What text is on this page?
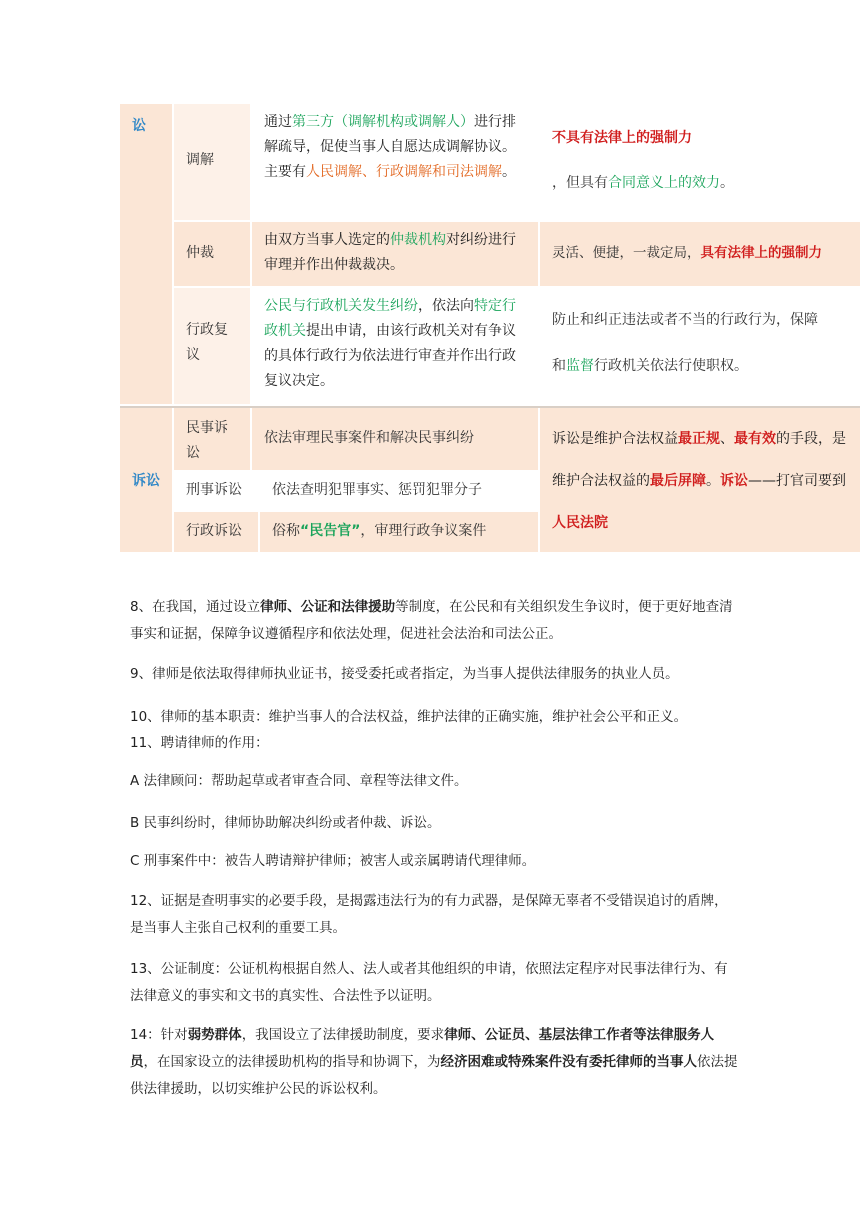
讼
诉讼
调解
通过第三方（调解机构或调解人）进行排解疏导，促使当事人自愿达成调解协议。主要有人民调解、行政调解和司法调解。
不具有法律上的强制力
，但具有合同意义上的效力。
仲裁
由双方当事人选定的仲裁机构对纠纷进行审理并作出仲裁裁决。
灵活、便捷，一裁定局，具有法律上的强制力
行政复议
公民与行政机关发生纠纷，依法向特定行政机关提出申请，由该行政机关对有争议的具体行政行为依法进行审查并作出行政复议决定。
防止和纠正违法或者不当的行政行为，保障
和监督行政机关依法行使职权。
民事诉讼
依法审理民事案件和解决民事纠纷
刑事诉讼	依法查明犯罪事实、惩罚犯罪分子
行政诉讼	俗称“民告官”，审理行政争议案件
诉讼是维护合法权益最正规、最有效的手段，是维护合法权益的最后屏障。诉讼——打官司要到人民法院
8、在我国，通过设立律师、公证和法律援助等制度，在公民和有关组织发生争议时，便于更好地查清事实和证据，保障争议遵循程序和依法处理，促进社会法治和司法公正。
9、律师是依法取得律师执业证书，接受委托或者指定，为当事人提供法律服务的执业人员。
10、律师的基本职责：维护当事人的合法权益，维护法律的正确实施，维护社会公平和正义。
11、聘请律师的作用：
A 法律顾问：帮助起草或者审查合同、章程等法律文件。
B 民事纠纷时，律师协助解决纠纷或者仲裁、诉讼。
C 刑事案件中：被告人聘请辩护律师；被害人或亲属聘请代理律师。
12、证据是查明事实的必要手段，是揭露违法行为的有力武器，是保障无辜者不受错误追讨的盾牌，是当事人主张自己权利的重要工具。
13、公证制度：公证机构根据自然人、法人或者其他组织的申请，依照法定程序对民事法律行为、有法律意义的事实和文书的真实性、合法性予以证明。
14：针对弱势群体，我国设立了法律援助制度，要求律师、公证员、基层法律工作者等法律服务人员，在国家设立的法律援助机构的指导和协调下，为经济困难或特殊案件没有委托律师的当事人依法提供法律援助，以切实维护公民的诉讼权利。
